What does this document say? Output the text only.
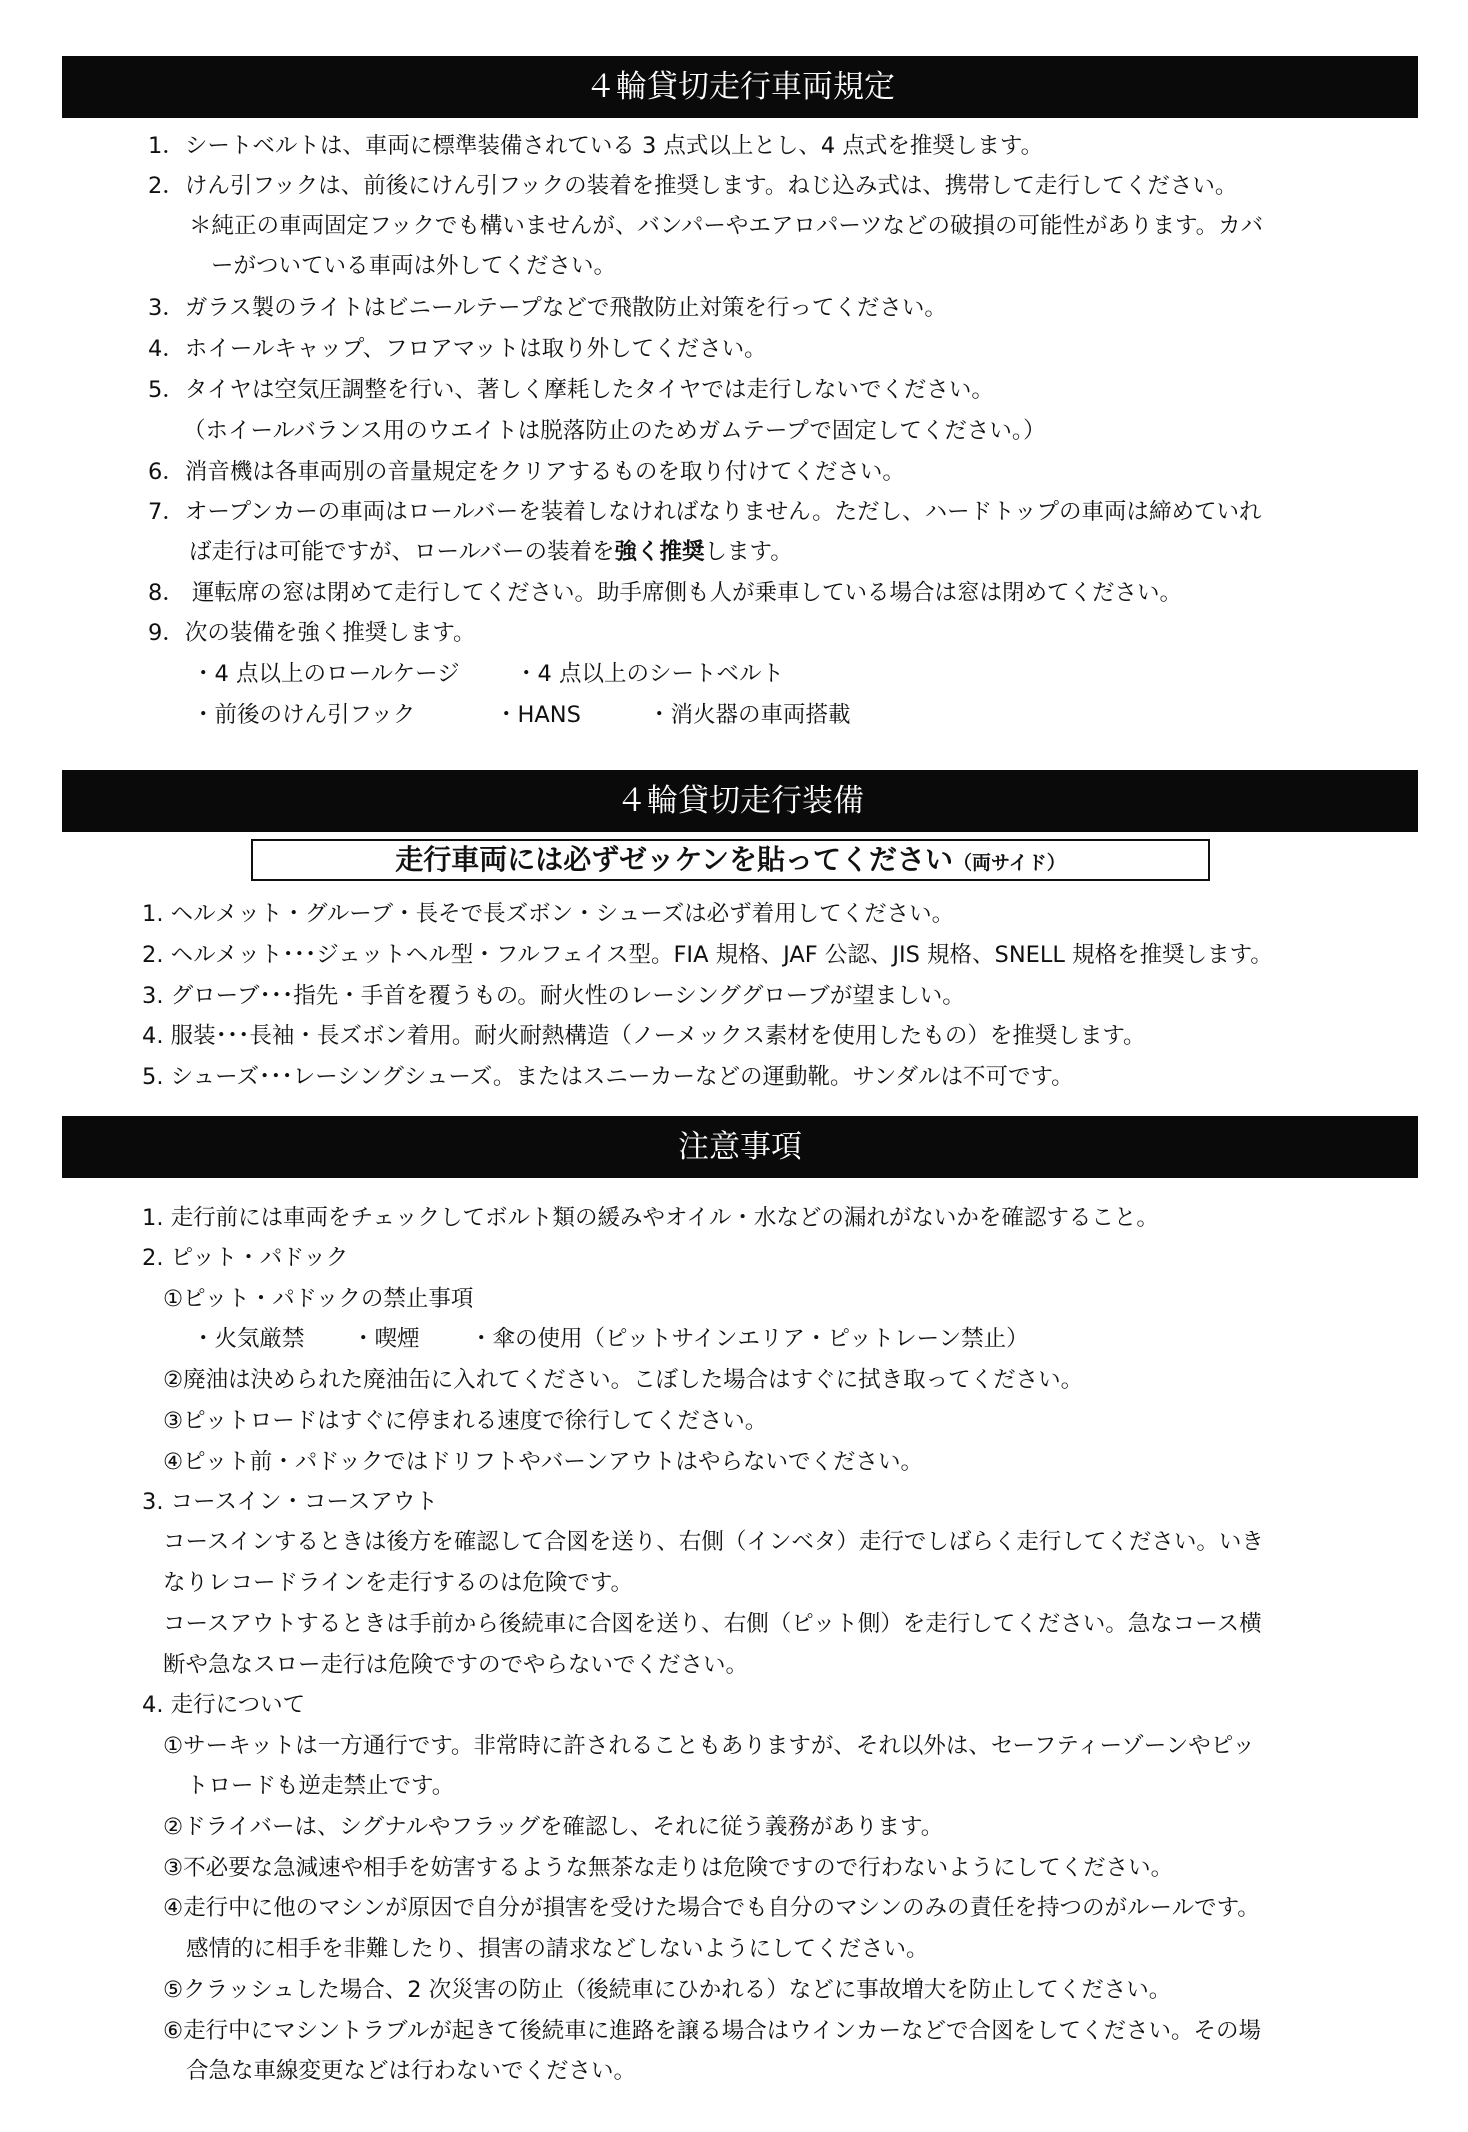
４輪貸切走行車両規定
1．シートベルトは、車両に標準装備されている 3 点式以上とし、4 点式を推奨します。
2．けん引フックは、前後にけん引フックの装着を推奨します。ねじ込み式は、携帯して走行してください。
＊純正の車両固定フックでも構いませんが、バンパーやエアロパーツなどの破損の可能性があります。カバ
ーがついている車両は外してください。
3．ガラス製のライトはビニールテープなどで飛散防止対策を行ってください。
4．ホイールキャップ、フロアマットは取り外してください。
5．タイヤは空気圧調整を行い、著しく摩耗したタイヤでは走行しないでください。
（ホイールバランス用のウエイトは脱落防止のためガムテープで固定してください。）
6．消音機は各車両別の音量規定をクリアするものを取り付けてください。
7．オープンカーの車両はロールバーを装着しなければなりません。ただし、ハードトップの車両は締めていれ
ば走行は可能ですが、ロールバーの装着を強く推奨します。
8． 運転席の窓は閉めて走行してください。助手席側も人が乗車している場合は窓は閉めてください。
9．次の装備を強く推奨します。
・4 点以上のロールケージ ・4 点以上のシートベルト
・前後のけん引フック	・HANS	・消火器の車両搭載
４輪貸切走行装備
走行車両には必ずゼッケンを貼ってください（両サイド）
1. ヘルメット・グルーブ・長そで長ズボン・シューズは必ず着用してください。
2. ヘルメット･･･ジェットヘル型・フルフェイス型。FIA 規格、JAF 公認、JIS 規格、SNELL 規格を推奨します。
3. グローブ･･･指先・手首を覆うもの。耐火性のレーシンググローブが望ましい。
4. 服装･･･長袖・長ズボン着用。耐火耐熱構造（ノーメックス素材を使用したもの）を推奨します。
5. シューズ･･･レーシングシューズ。またはスニーカーなどの運動靴。サンダルは不可です。
注意事項
1. 走行前には車両をチェックしてボルト類の緩みやオイル・水などの漏れがないかを確認すること。
2. ピット・パドック
①ピット・パドックの禁止事項
・火気厳禁 ・喫煙 ・傘の使用（ピットサインエリア・ピットレーン禁止）
②廃油は決められた廃油缶に入れてください。こぼした場合はすぐに拭き取ってください。
③ピットロードはすぐに停まれる速度で徐行してください。
④ピット前・パドックではドリフトやバーンアウトはやらないでください。
3. コースイン・コースアウト
コースインするときは後方を確認して合図を送り、右側（インベタ）走行でしばらく走行してください。いき
なりレコードラインを走行するのは危険です。
コースアウトするときは手前から後続車に合図を送り、右側（ピット側）を走行してください。急なコース横
断や急なスロー走行は危険ですのでやらないでください。
4. 走行について
①サーキットは一方通行です。非常時に許されることもありますが、それ以外は、セーフティーゾーンやピッ
トロードも逆走禁止です。
②ドライバーは、シグナルやフラッグを確認し、それに従う義務があります。
③不必要な急減速や相手を妨害するような無茶な走りは危険ですので行わないようにしてください。
④走行中に他のマシンが原因で自分が損害を受けた場合でも自分のマシンのみの責任を持つのがルールです。
感情的に相手を非難したり、損害の請求などしないようにしてください。
⑤クラッシュした場合、2 次災害の防止（後続車にひかれる）などに事故増大を防止してください。
⑥走行中にマシントラブルが起きて後続車に進路を譲る場合はウインカーなどで合図をしてください。その場
合急な車線変更などは行わないでください。
